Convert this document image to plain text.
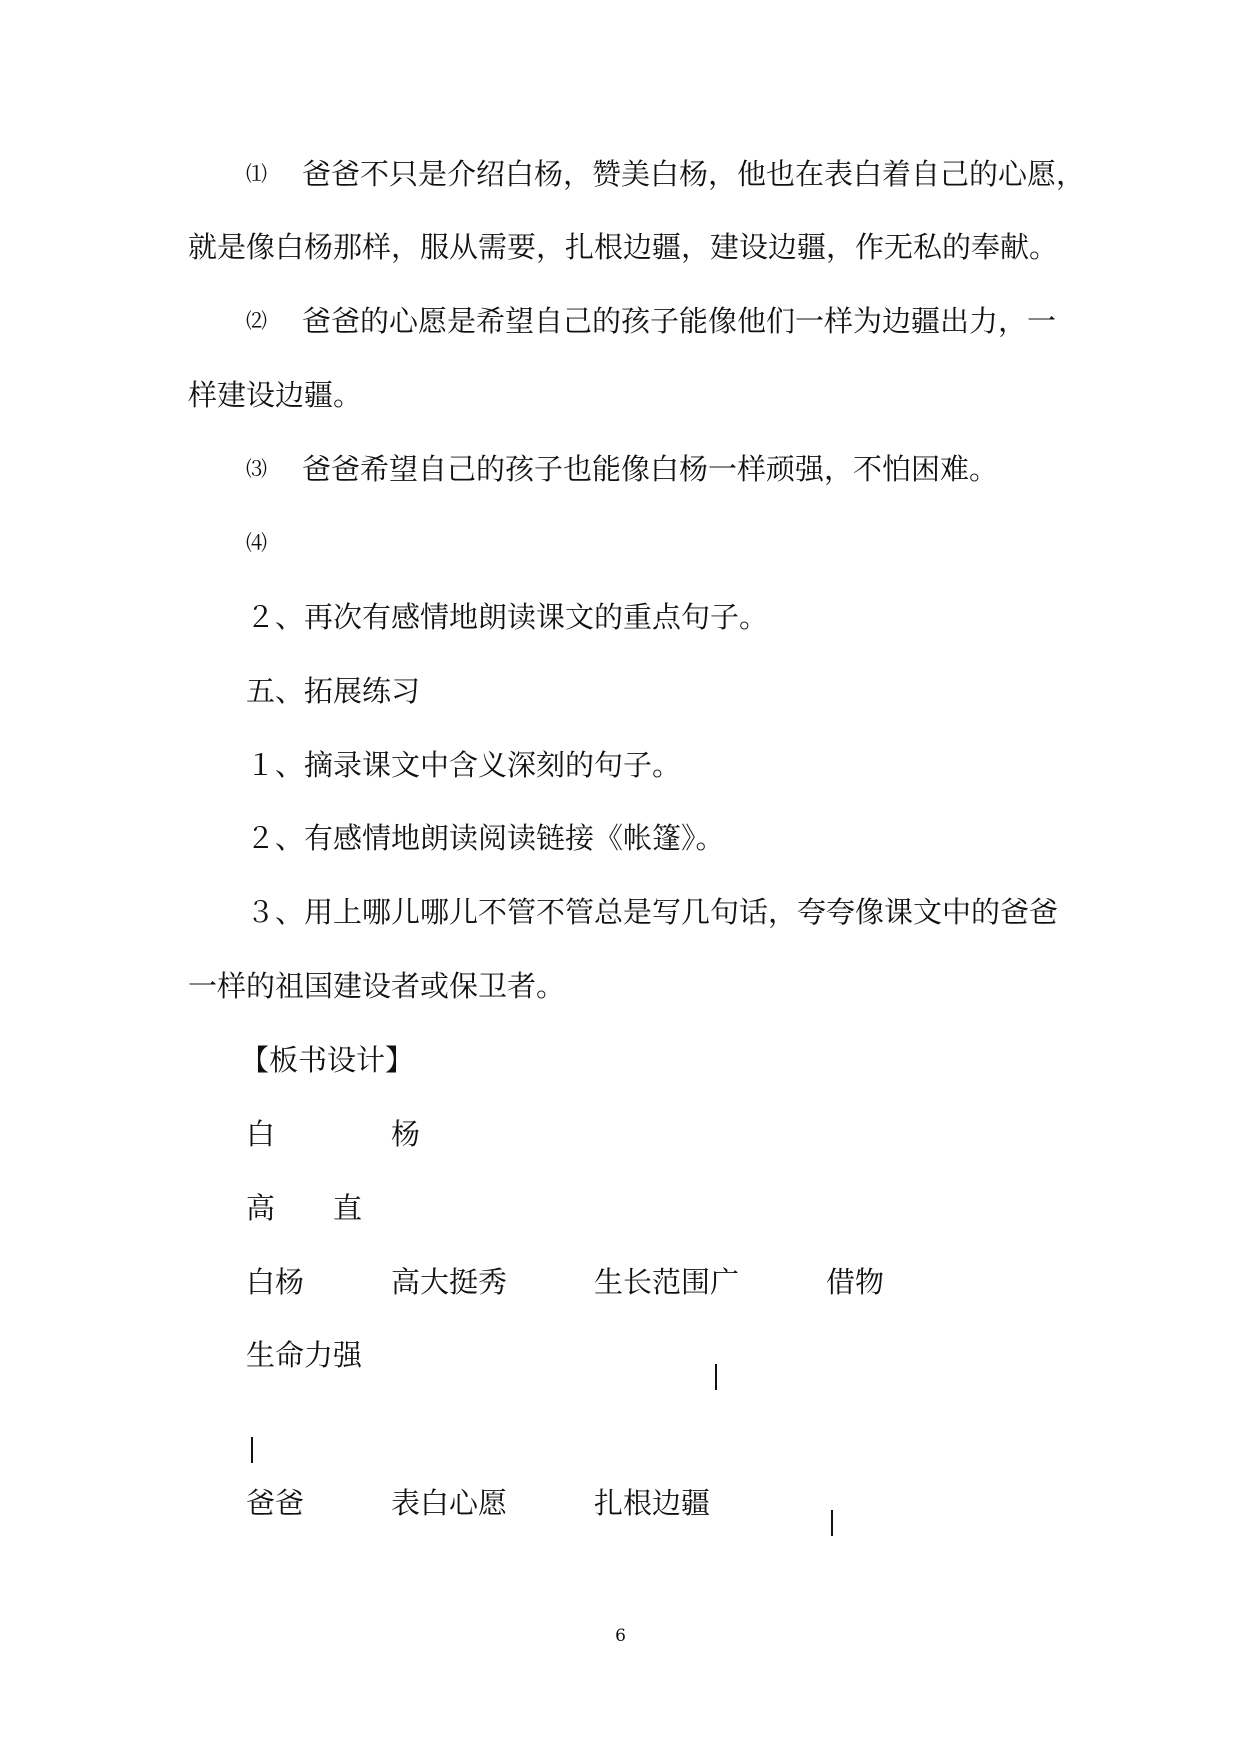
⑴ 爸爸不只是介绍白杨，赞美白杨，他也在表白着自己的心愿，
就是像白杨那样，服从需要，扎根边疆，建设边疆，作无私的奉献。
⑵ 爸爸的心愿是希望自己的孩子能像他们一样为边疆出力，一
样建设边疆。
⑶ 爸爸希望自己的孩子也能像白杨一样顽强，不怕困难。
⑷
２、再次有感情地朗读课文的重点句子。
五、拓展练习
１、摘录课文中含义深刻的句子。
２、有感情地朗读阅读链接《帐篷》。
３、用上哪儿哪儿不管不管总是写几句话，夸夸像课文中的爸爸
一样的祖国建设者或保卫者。
【板书设计】
白	杨
高 直
白杨	高大挺秀	生长范围广	借物
生命力强
爸爸	表白心愿	扎根边疆
6
